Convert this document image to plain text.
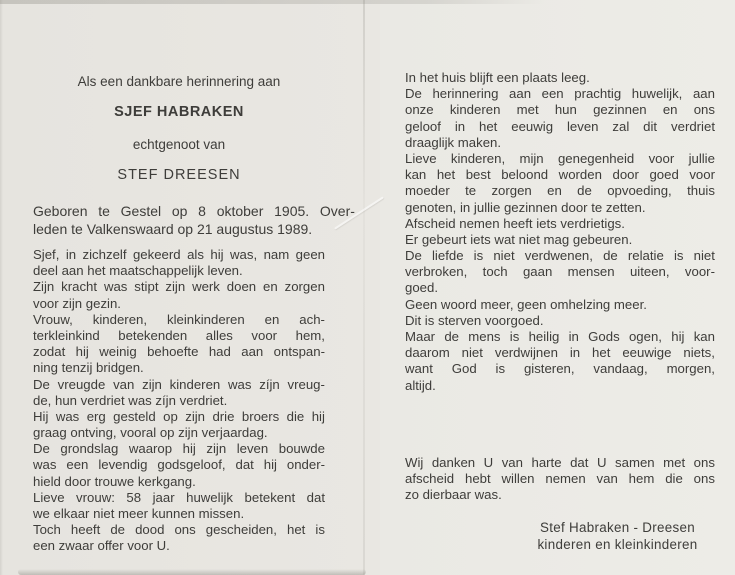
Als een dankbare herinnering aan
SJEF HABRAKEN
echtgenoot van
STEF DREESEN
Geboren te Gestel op 8 oktober 1905. Over-
leden te Valkenswaard op 21 augustus 1989.
Sjef, in zichzelf gekeerd als hij was, nam geen
deel aan het maatschappelijk leven.
Zijn kracht was stipt zijn werk doen en zorgen
voor zijn gezin.
Vrouw, kinderen, kleinkinderen en ach-
terkleinkind betekenden alles voor hem,
zodat hij weinig behoefte had aan ontspan-
ning tenzij bridgen.
De vreugde van zijn kinderen was zíjn vreug-
de, hun verdriet was zíjn verdriet.
Hij was erg gesteld op zijn drie broers die hij
graag ontving, vooral op zijn verjaardag.
De grondslag waarop hij zijn leven bouwde
was een levendig godsgeloof, dat hij onder-
hield door trouwe kerkgang.
Lieve vrouw: 58 jaar huwelijk betekent dat
we elkaar niet meer kunnen missen.
Toch heeft de dood ons gescheiden, het is
een zwaar offer voor U.
In het huis blijft een plaats leeg.
De herinnering aan een prachtig huwelijk, aan
onze kinderen met hun gezinnen en ons
geloof in het eeuwig leven zal dit verdriet
draaglijk maken.
Lieve kinderen, mijn genegenheid voor jullie
kan het best beloond worden door goed voor
moeder te zorgen en de opvoeding, thuis
genoten, in jullie gezinnen door te zetten.
Afscheid nemen heeft iets verdrietigs.
Er gebeurt iets wat niet mag gebeuren.
De liefde is niet verdwenen, de relatie is niet
verbroken, toch gaan mensen uiteen, voor-
goed.
Geen woord meer, geen omhelzing meer.
Dit is sterven voorgoed.
Maar de mens is heilig in Gods ogen, hij kan
daarom niet verdwijnen in het eeuwige niets,
want God is gisteren, vandaag, morgen,
altijd.
Wij danken U van harte dat U samen met ons
afscheid hebt willen nemen van hem die ons
zo dierbaar was.
Stef Habraken - Dreesen
kinderen en kleinkinderen
